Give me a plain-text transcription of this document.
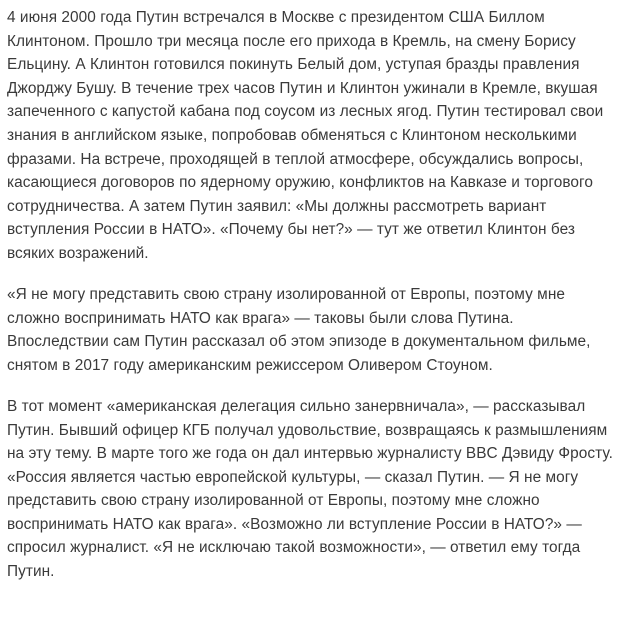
4 июня 2000 года Путин встречался в Москве с президентом США Биллом Клинтоном. Прошло три месяца после его прихода в Кремль, на смену Борису Ельцину. А Клинтон готовился покинуть Белый дом, уступая бразды правления Джорджу Бушу. В течение трех часов Путин и Клинтон ужинали в Кремле, вкушая запеченного с капустой кабана под соусом из лесных ягод. Путин тестировал свои знания в английском языке, попробовав обменяться с Клинтоном несколькими фразами. На встрече, проходящей в теплой атмосфере, обсуждались вопросы, касающиеся договоров по ядерному оружию, конфликтов на Кавказе и торгового сотрудничества. А затем Путин заявил: «Мы должны рассмотреть вариант вступления России в НАТО». «Почему бы нет?» — тут же ответил Клинтон без всяких возражений.

«Я не могу представить свою страну изолированной от Европы, поэтому мне сложно воспринимать НАТО как врага» — таковы были слова Путина. Впоследствии сам Путин рассказал об этом эпизоде в документальном фильме, снятом в 2017 году американским режиссером Оливером Стоуном.

В тот момент «американская делегация сильно занервничала», — рассказывал Путин. Бывший офицер КГБ получал удовольствие, возвращаясь к размышлениям на эту тему. В марте того же года он дал интервью журналисту BBC Дэвиду Фросту. «Россия является частью европейской культуры, — сказал Путин. — Я не могу представить свою страну изолированной от Европы, поэтому мне сложно воспринимать НАТО как врага». «Возможно ли вступление России в НАТО?» — спросил журналист. «Я не исключаю такой возможности», — ответил ему тогда Путин.
